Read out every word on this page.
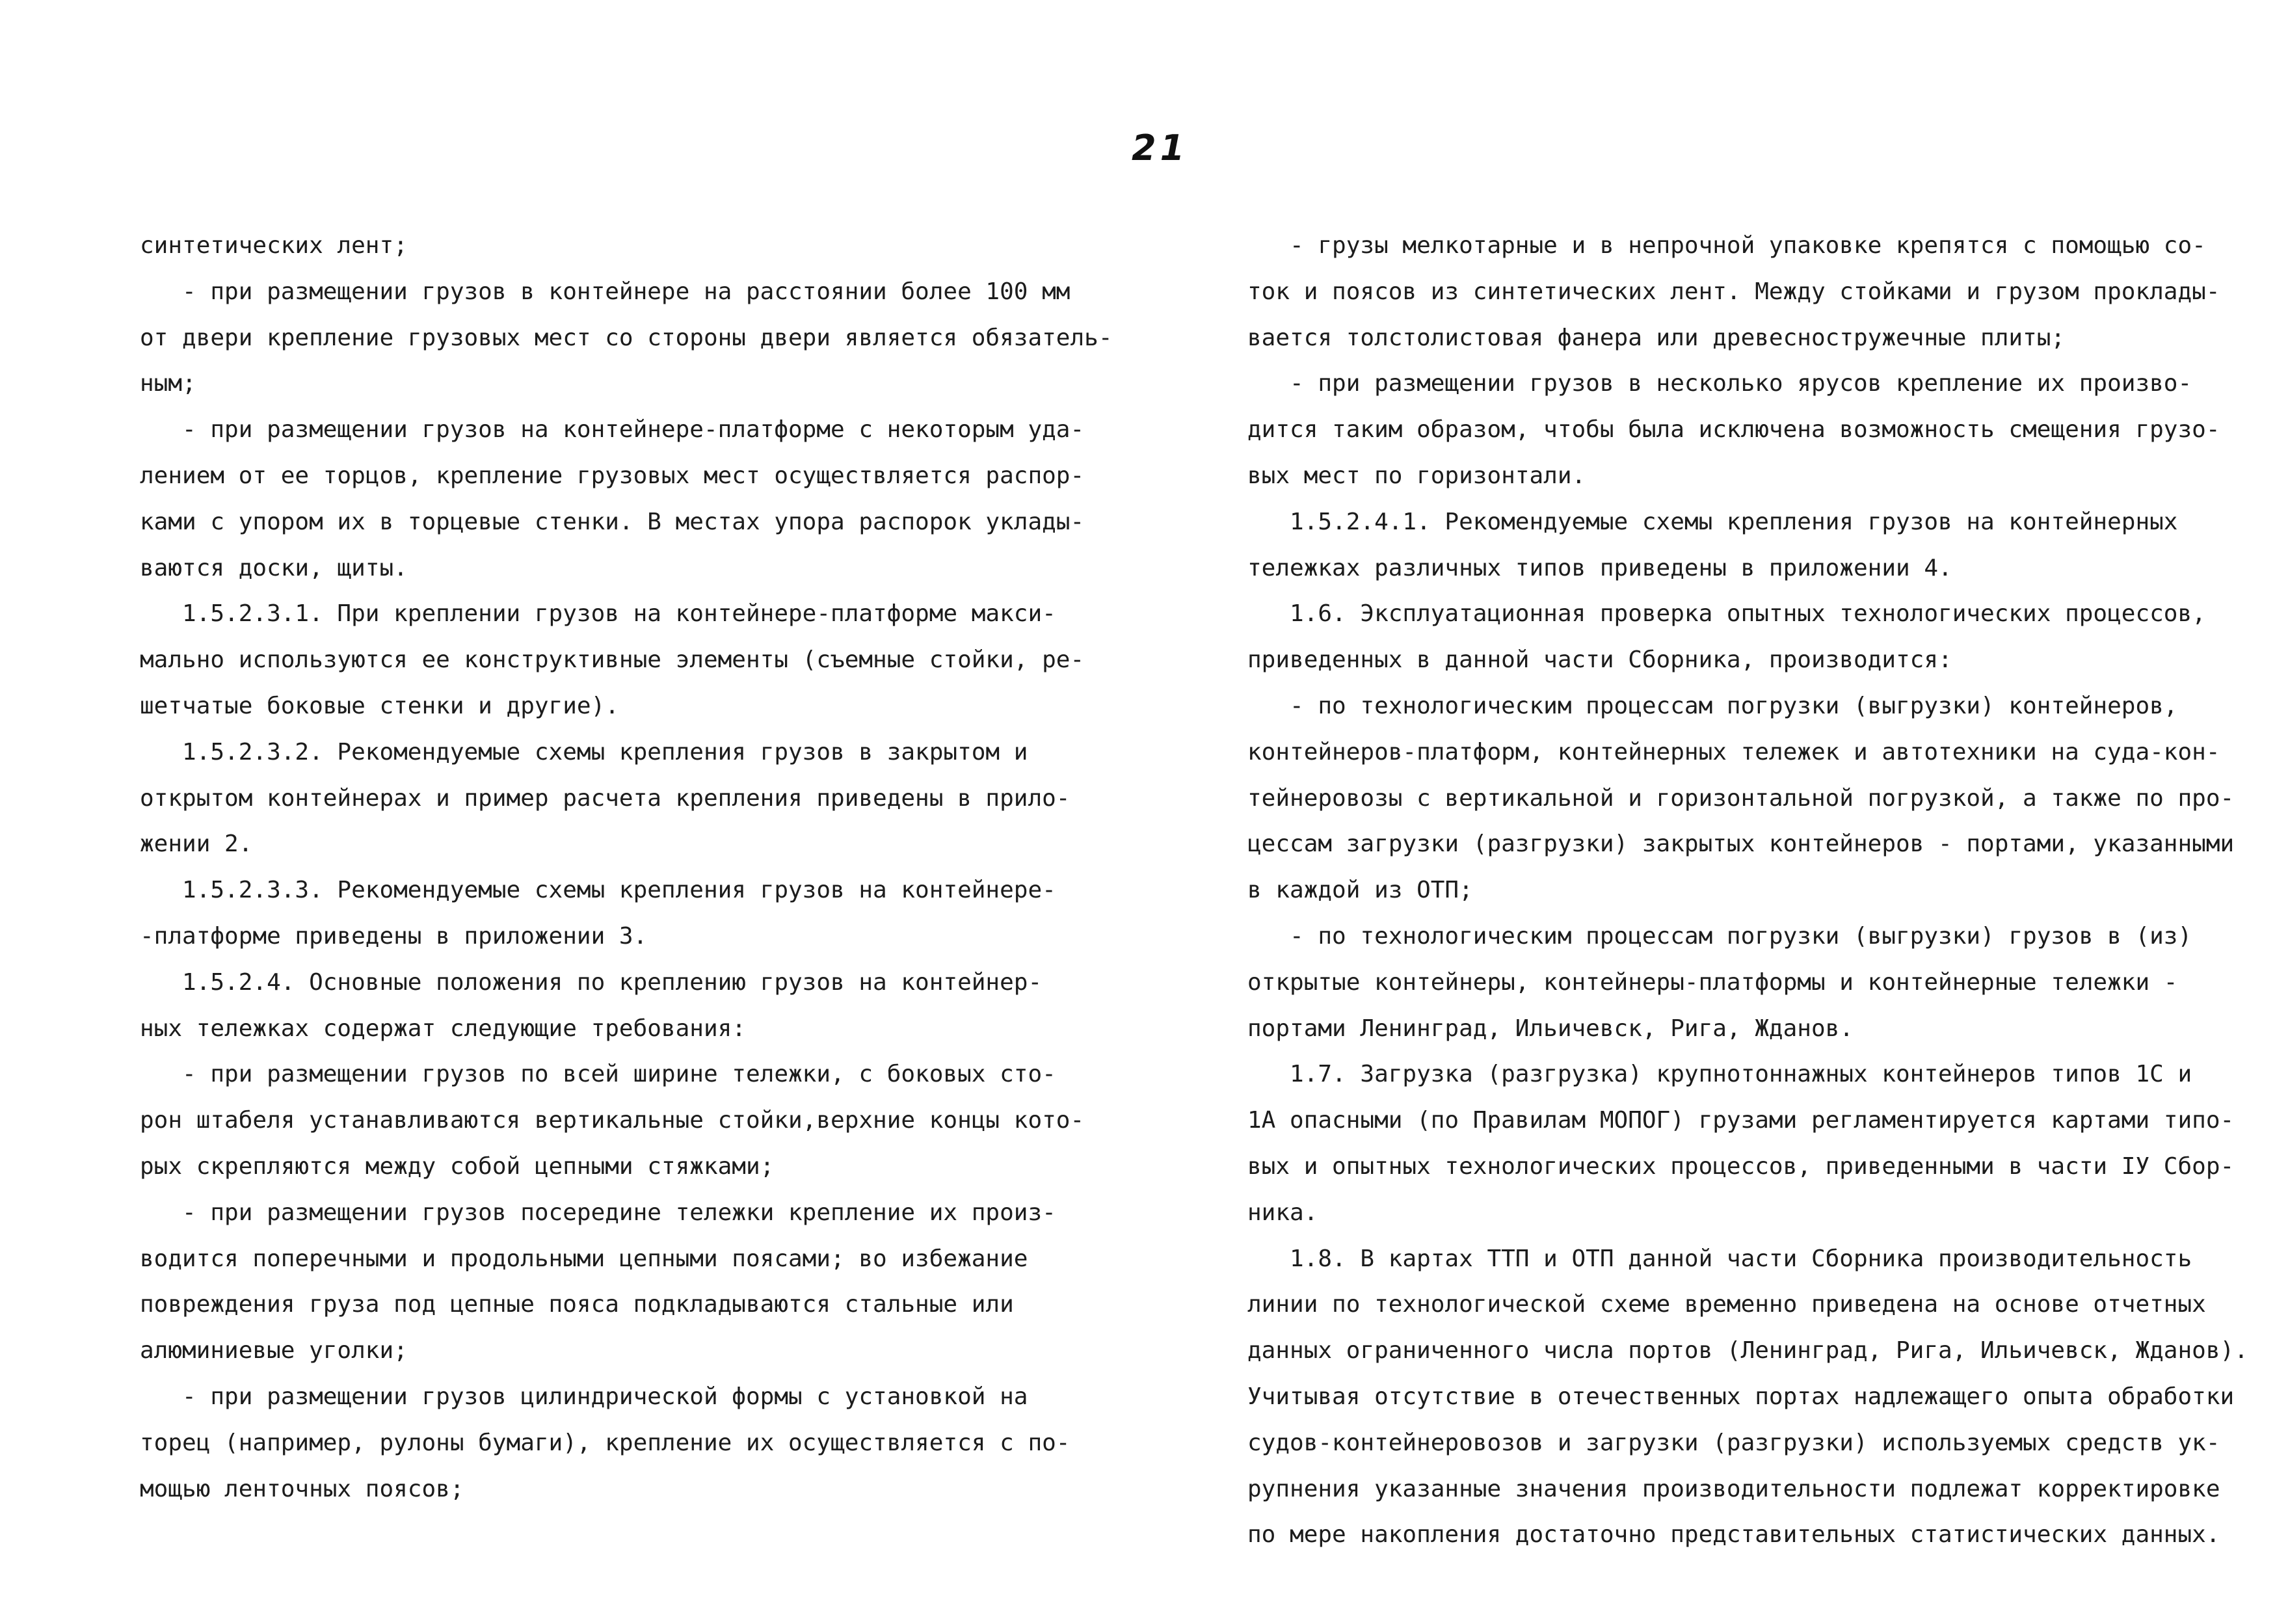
21
синтетических лент;
- при размещении грузов в контейнере на расстоянии более 100 мм
от двери крепление грузовых мест со стороны двери является обязатель-
ным;
- при размещении грузов на контейнере-платформе с некоторым уда-
лением от ее торцов, крепление грузовых мест осуществляется распор-
ками с упором их в торцевые стенки. В местах упора распорок уклады-
ваются доски, щиты.
1.5.2.3.1. При креплении грузов на контейнере-платформе макси-
мально используются ее конструктивные элементы (съемные стойки, ре-
шетчатые боковые стенки и другие).
1.5.2.3.2. Рекомендуемые схемы крепления грузов в закрытом и
открытом контейнерах и пример расчета крепления приведены в прило-
жении 2.
1.5.2.3.3. Рекомендуемые схемы крепления грузов на контейнере-
-платформе приведены в приложении 3.
1.5.2.4. Основные положения по креплению грузов на контейнер-
ных тележках содержат следующие требования:
- при размещении грузов по всей ширине тележки, с боковых сто-
рон штабеля устанавливаются вертикальные стойки,верхние концы кото-
рых скрепляются между собой цепными стяжками;
- при размещении грузов посередине тележки крепление их произ-
водится поперечными и продольными цепными поясами; во избежание
повреждения груза под цепные пояса подкладываются стальные или
алюминиевые уголки;
- при размещении грузов цилиндрической формы с установкой на
торец (например, рулоны бумаги), крепление их осуществляется с по-
мощью ленточных поясов;
- грузы мелкотарные и в непрочной упаковке крепятся с помощью со-
ток и поясов из синтетических лент. Между стойками и грузом проклады-
вается толстолистовая фанера или древесностружечные плиты;
- при размещении грузов в несколько ярусов крепление их произво-
дится таким образом, чтобы была исключена возможность смещения грузо-
вых мест по горизонтали.
1.5.2.4.1. Рекомендуемые схемы крепления грузов на контейнерных
тележках различных типов приведены в приложении 4.
1.6. Эксплуатационная проверка опытных технологических процессов,
приведенных в данной части Сборника, производится:
- по технологическим процессам погрузки (выгрузки) контейнеров,
контейнеров-платформ, контейнерных тележек и автотехники на суда-кон-
тейнеровозы с вертикальной и горизонтальной погрузкой, а также по про-
цессам загрузки (разгрузки) закрытых контейнеров - портами, указанными
в каждой из ОТП;
- по технологическим процессам погрузки (выгрузки) грузов в (из)
открытые контейнеры, контейнеры-платформы и контейнерные тележки -
портами Ленинград, Ильичевск, Рига, Жданов.
1.7. Загрузка (разгрузка) крупнотоннажных контейнеров типов 1С и
1А опасными (по Правилам МОПОГ) грузами регламентируется картами типо-
вых и опытных технологических процессов, приведенными в части IУ Сбор-
ника.
1.8. В картах ТТП и ОТП данной части Сборника производительность
линии по технологической схеме временно приведена на основе отчетных
данных ограниченного числа портов (Ленинград, Рига, Ильичевск, Жданов).
Учитывая отсутствие в отечественных портах надлежащего опыта обработки
судов-контейнеровозов и загрузки (разгрузки) используемых средств ук-
рупнения указанные значения производительности подлежат корректировке
по мере накопления достаточно представительных статистических данных.
